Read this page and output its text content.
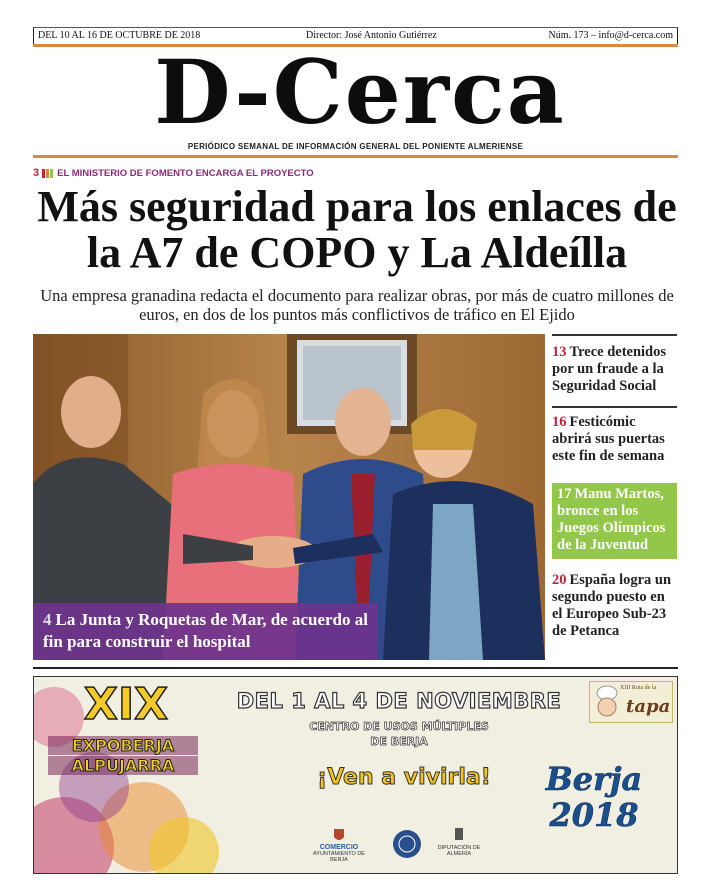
DEL 10 AL 16 DE OCTUBRE DE 2018	Director: José Antonio Gutiérrez	Núm. 173 – info@d-cerca.com
D-Cerca
PERIÓDICO SEMANAL DE INFORMACIÓN GENERAL DEL PONIENTE ALMERIENSE
3 EL MINISTERIO DE FOMENTO ENCARGA EL PROYECTO
Más seguridad para los enlaces de la A7 de COPO y La Aldeílla

Una empresa granadina redacta el documento para realizar obras, por más de cuatro millones de euros, en dos de los puntos más conflictivos de tráfico en El Ejido

4 La Junta y Roquetas de Mar, de acuerdo al fin para construir el hospital
13 Trece detenidos por un fraude a la Seguridad Social
16 Festicómic abrirá sus puertas este fin de semana
17 Manu Martos, bronce en los Juegos Olímpicos de la Juventud
20 España logra un segundo puesto en el Europeo Sub-23 de Petanca
XIX
EXPOBERJA
ALPUJARRA
DEL 1 AL 4 DE NOVIEMBRE
CENTRO DE USOS MÚLTIPLES
DE BERJA
¡Ven a vivirla!	Berja
2018
XIII Ruta de la
tapa
COMERCIO
AYUNTAMIENTO DE BERJA
DIPUTACIÓN DE ALMERÍA
